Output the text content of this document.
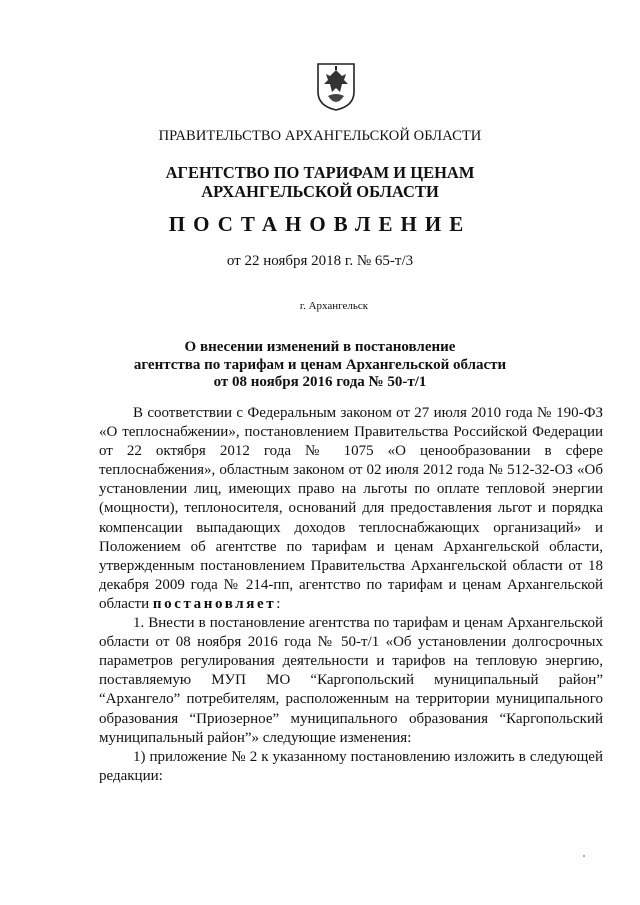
ПРАВИТЕЛЬСТВО АРХАНГЕЛЬСКОЙ ОБЛАСТИ
АГЕНТСТВО ПО ТАРИФАМ И ЦЕНАМ
АРХАНГЕЛЬСКОЙ ОБЛАСТИ
ПОСТАНОВЛЕНИЕ
от 22 ноября 2018 г. № 65-т/3
г. Архангельск
О внесении изменений в постановление
агентства по тарифам и ценам Архангельской области
от 08 ноября 2016 года № 50-т/1

В соответствии с Федеральным законом от 27 июля 2010 года № 190-ФЗ «О теплоснабжении», постановлением Правительства Российской Федерации от 22 октября 2012 года № 1075 «О ценообразовании в сфере теплоснабжения», областным законом от 02 июля 2012 года № 512-32-ОЗ «Об установлении лиц, имеющих право на льготы по оплате тепловой энергии (мощности), теплоносителя, оснований для предоставления льгот и порядка компенсации выпадающих доходов теплоснабжающих организаций» и Положением об агентстве по тарифам и ценам Архангельской области, утвержденным постановлением Правительства Архангельской области от 18 декабря 2009 года № 214-пп, агентство по тарифам и ценам Архангельской области постановляет:

1. Внести в постановление агентства по тарифам и ценам Архангельской области от 08 ноября 2016 года № 50-т/1 «Об установлении долгосрочных параметров регулирования деятельности и тарифов на тепловую энергию, поставляемую МУП МО “Каргопольский муниципальный район” “Архангело” потребителям, расположенным на территории муниципального образования “Приозерное” муниципального образования “Каргопольский муниципальный район”» следующие изменения:

1) приложение № 2 к указанному постановлению изложить в следующей редакции:
